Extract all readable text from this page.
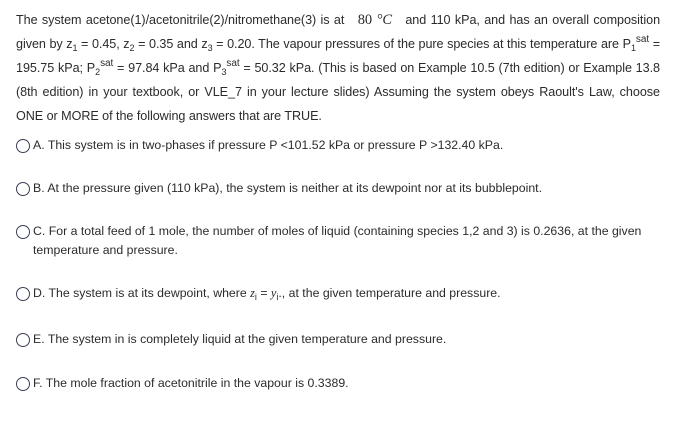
The system acetone(1)/acetonitrile(2)/nitromethane(3) is at 80 °C and 110 kPa, and has an overall composition given by $z_1 = 0.45$, $z_2 = 0.35$ and $z_3 = 0.20$. The vapour pressures of the pure species at this temperature are $P_1^{sat} = 195.75$ kPa; $P_2^{sat} = 97.84$ kPa and $P_3^{sat} = 50.32$ kPa. (This is based on Example 10.5 (7th edition) or Example 13.8 (8th edition) in your textbook, or VLE_7 in your lecture slides) Assuming the system obeys Raoult's Law, choose ONE or MORE of the following answers that are TRUE.
A. This system is in two-phases if pressure P <101.52 kPa or pressure P >132.40 kPa.
B. At the pressure given (110 kPa), the system is neither at its dewpoint nor at its bubblepoint.
C. For a total feed of 1 mole, the number of moles of liquid (containing species 1,2 and 3) is 0.2636, at the given temperature and pressure.
D. The system is at its dewpoint, where $z_i = y_i$., at the given temperature and pressure.
E. The system in is completely liquid at the given temperature and pressure.
F. The mole fraction of acetonitrile in the vapour is 0.3389.
